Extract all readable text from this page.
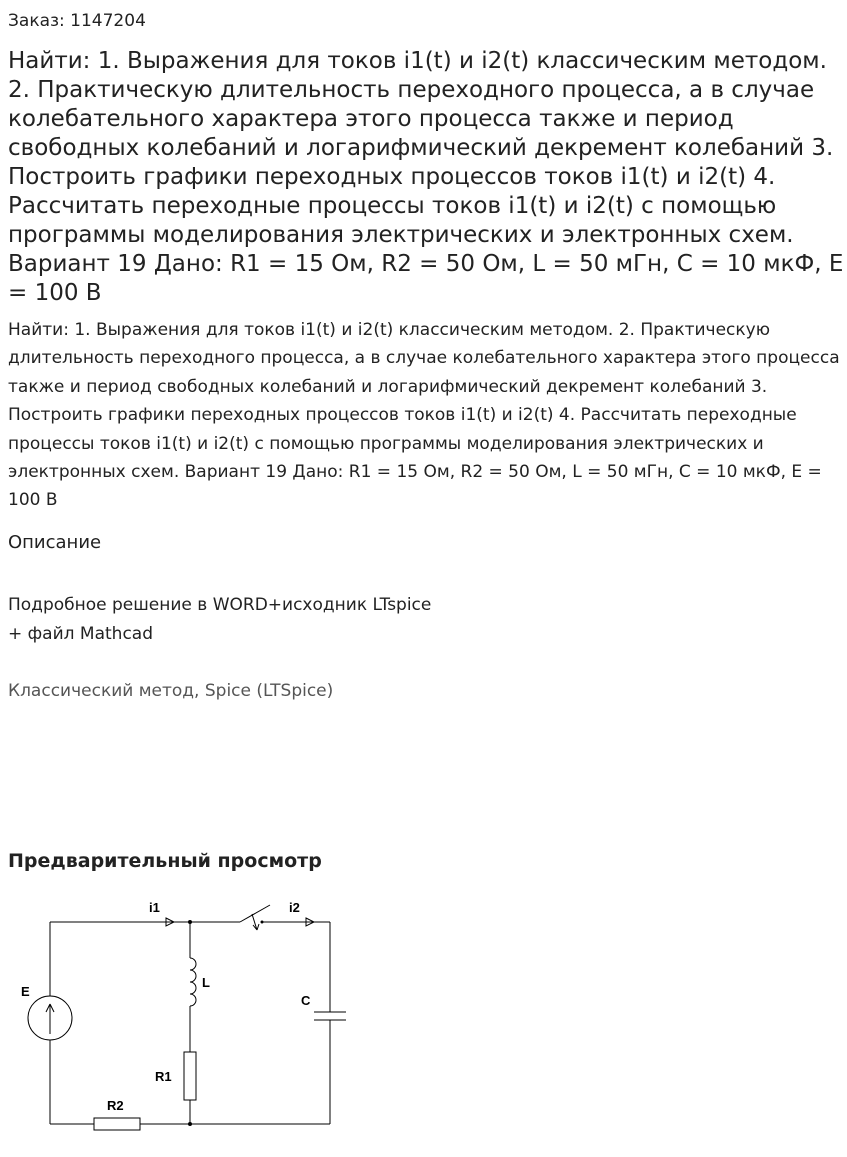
Заказ: 1147204
Найти: 1. Выражения для токов i1(t) и i2(t) классическим методом. 2. Практическую длительность переходного процесса, а в случае колебательного характера этого процесса также и период свободных колебаний и логарифмический декремент колебаний 3. Построить графики переходных процессов токов i1(t) и i2(t) 4. Рассчитать переходные процессы токов i1(t) и i2(t) с помощью программы моделирования электрических и электронных схем. Вариант 19 Дано: R1 = 15 Ом, R2 = 50 Ом, L = 50 мГн, C = 10 мкФ, E = 100 В

Найти: 1. Выражения для токов i1(t) и i2(t) классическим методом. 2. Практическую длительность переходного процесса, а в случае колебательного характера этого процесса также и период свободных колебаний и логарифмический декремент колебаний 3. Построить графики переходных процессов токов i1(t) и i2(t) 4. Рассчитать переходные процессы токов i1(t) и i2(t) с помощью программы моделирования электрических и электронных схем. Вариант 19 Дано: R1 = 15 Ом, R2 = 50 Ом, L = 50 мГн, C = 10 мкФ, E = 100 В

Описание
Подробное решение в WORD+исходник LTspice
+ файл Mathcad
Классический метод, Spice (LTSpice)
Предварительный просмотр
i1	i2
E
L
C
R1
R2
